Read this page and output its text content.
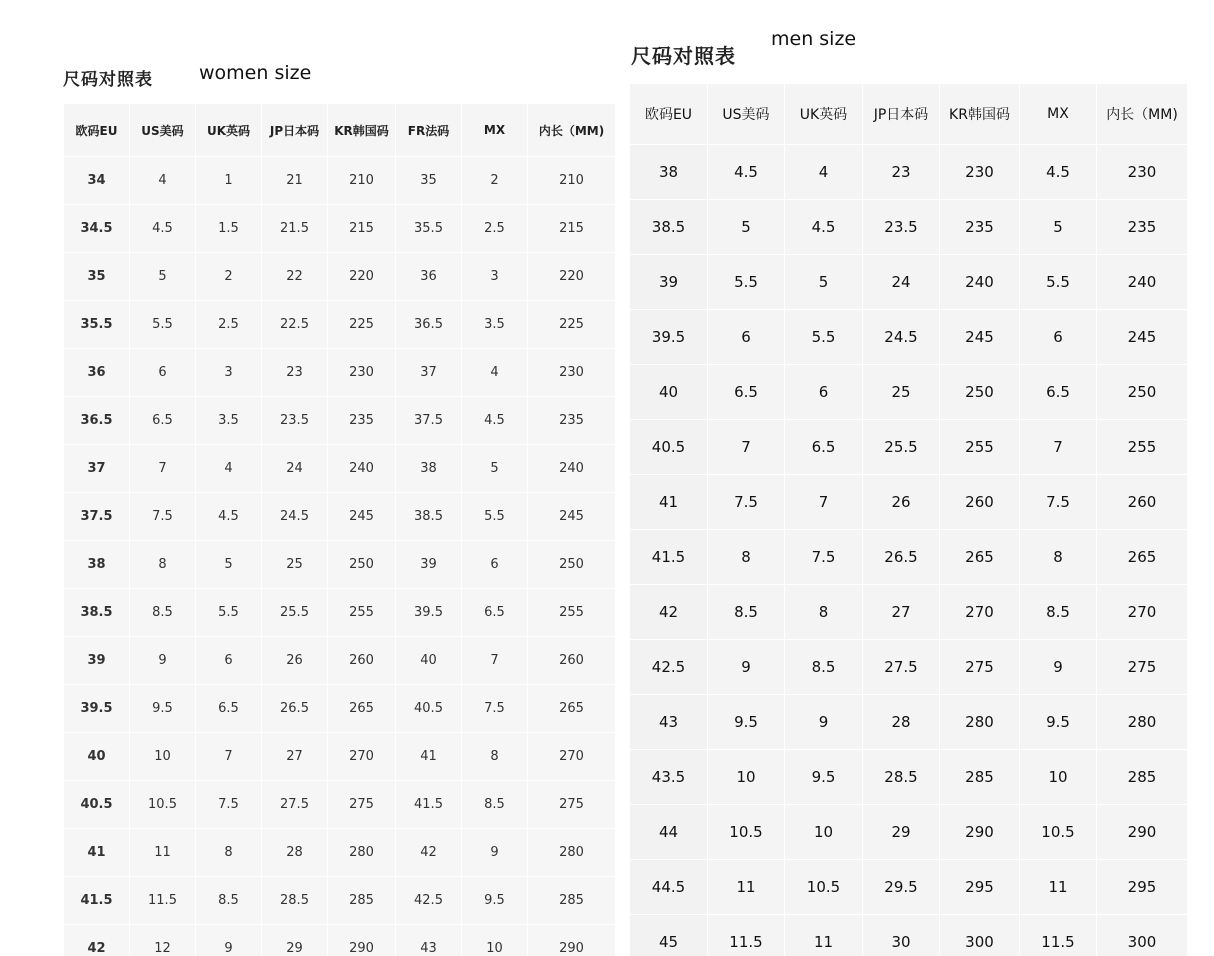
尺码对照表 women size
欧码EU	US美码	UK英码	JP日本码	KR韩国码	FR法码	MX	内长（MM)
34	4	1	21	210	35	2	210
34.5	4.5	1.5	21.5	215	35.5	2.5	215
35	5	2	22	220	36	3	220
35.5	5.5	2.5	22.5	225	36.5	3.5	225
36	6	3	23	230	37	4	230
36.5	6.5	3.5	23.5	235	37.5	4.5	235
37	7	4	24	240	38	5	240
37.5	7.5	4.5	24.5	245	38.5	5.5	245
38	8	5	25	250	39	6	250
38.5	8.5	5.5	25.5	255	39.5	6.5	255
39	9	6	26	260	40	7	260
39.5	9.5	6.5	26.5	265	40.5	7.5	265
40	10	7	27	270	41	8	270
40.5	10.5	7.5	27.5	275	41.5	8.5	275
41	11	8	28	280	42	9	280
41.5	11.5	8.5	28.5	285	42.5	9.5	285
42	12	9	29	290	43	10	290
尺码对照表
men size
欧码EU	US美码	UK英码	JP日本码	KR韩国码	MX	内长（MM)
38	4.5	4	23	230	4.5	230
38.5	5	4.5	23.5	235	5	235
39	5.5	5	24	240	5.5	240
39.5	6	5.5	24.5	245	6	245
40	6.5	6	25	250	6.5	250
40.5	7	6.5	25.5	255	7	255
41	7.5	7	26	260	7.5	260
41.5	8	7.5	26.5	265	8	265
42	8.5	8	27	270	8.5	270
42.5	9	8.5	27.5	275	9	275
43	9.5	9	28	280	9.5	280
43.5	10	9.5	28.5	285	10	285
44	10.5	10	29	290	10.5	290
44.5	11	10.5	29.5	295	11	295
45	11.5	11	30	300	11.5	300
